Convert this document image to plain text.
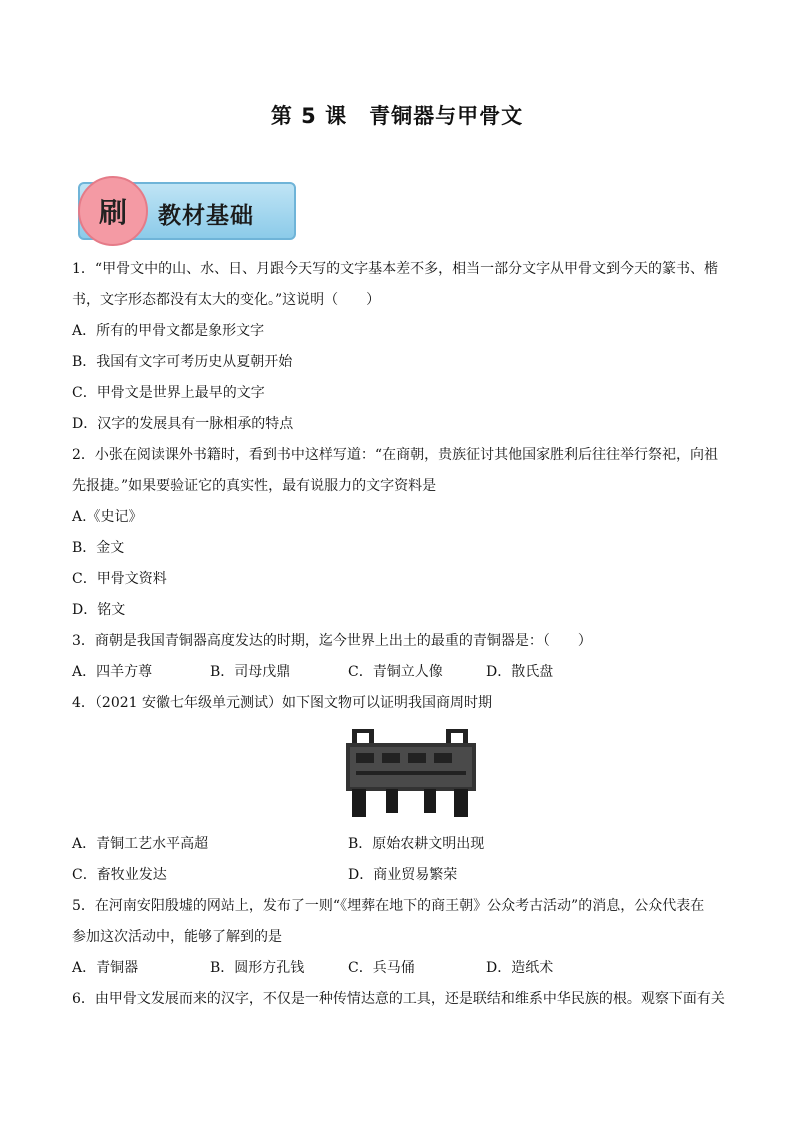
第 5 课　青铜器与甲骨文
刷	教材基础
1．“甲骨文中的山、水、日、月跟今天写的文字基本差不多，相当一部分文字从甲骨文到今天的篆书、楷
书，文字形态都没有太大的变化。”这说明（　　）
A．所有的甲骨文都是象形文字
B．我国有文字可考历史从夏朝开始
C．甲骨文是世界上最早的文字
D．汉字的发展具有一脉相承的特点
2．小张在阅读课外书籍时，看到书中这样写道：“在商朝，贵族征讨其他国家胜利后往往举行祭祀，向祖
先报捷。”如果要验证它的真实性，最有说服力的文字资料是
A.《史记》
B．金文
C．甲骨文资料
D．铭文
3．商朝是我国青铜器高度发达的时期，迄今世界上出土的最重的青铜器是：（　　）
A．四羊方尊	B．司母戊鼎	C．青铜立人像	D．散氏盘
4．（2021 安徽七年级单元测试）如下图文物可以证明我国商周时期
A．青铜工艺水平高超	B．原始农耕文明出现
C．畜牧业发达	D．商业贸易繁荣
5．在河南安阳殷墟的网站上，发布了一则“《埋葬在地下的商王朝》公众考古活动”的消息，公众代表在
参加这次活动中，能够了解到的是
A．青铜器	B．圆形方孔钱	C．兵马俑	D．造纸术
6．由甲骨文发展而来的汉字，不仅是一种传情达意的工具，还是联结和维系中华民族的根。观察下面有关
